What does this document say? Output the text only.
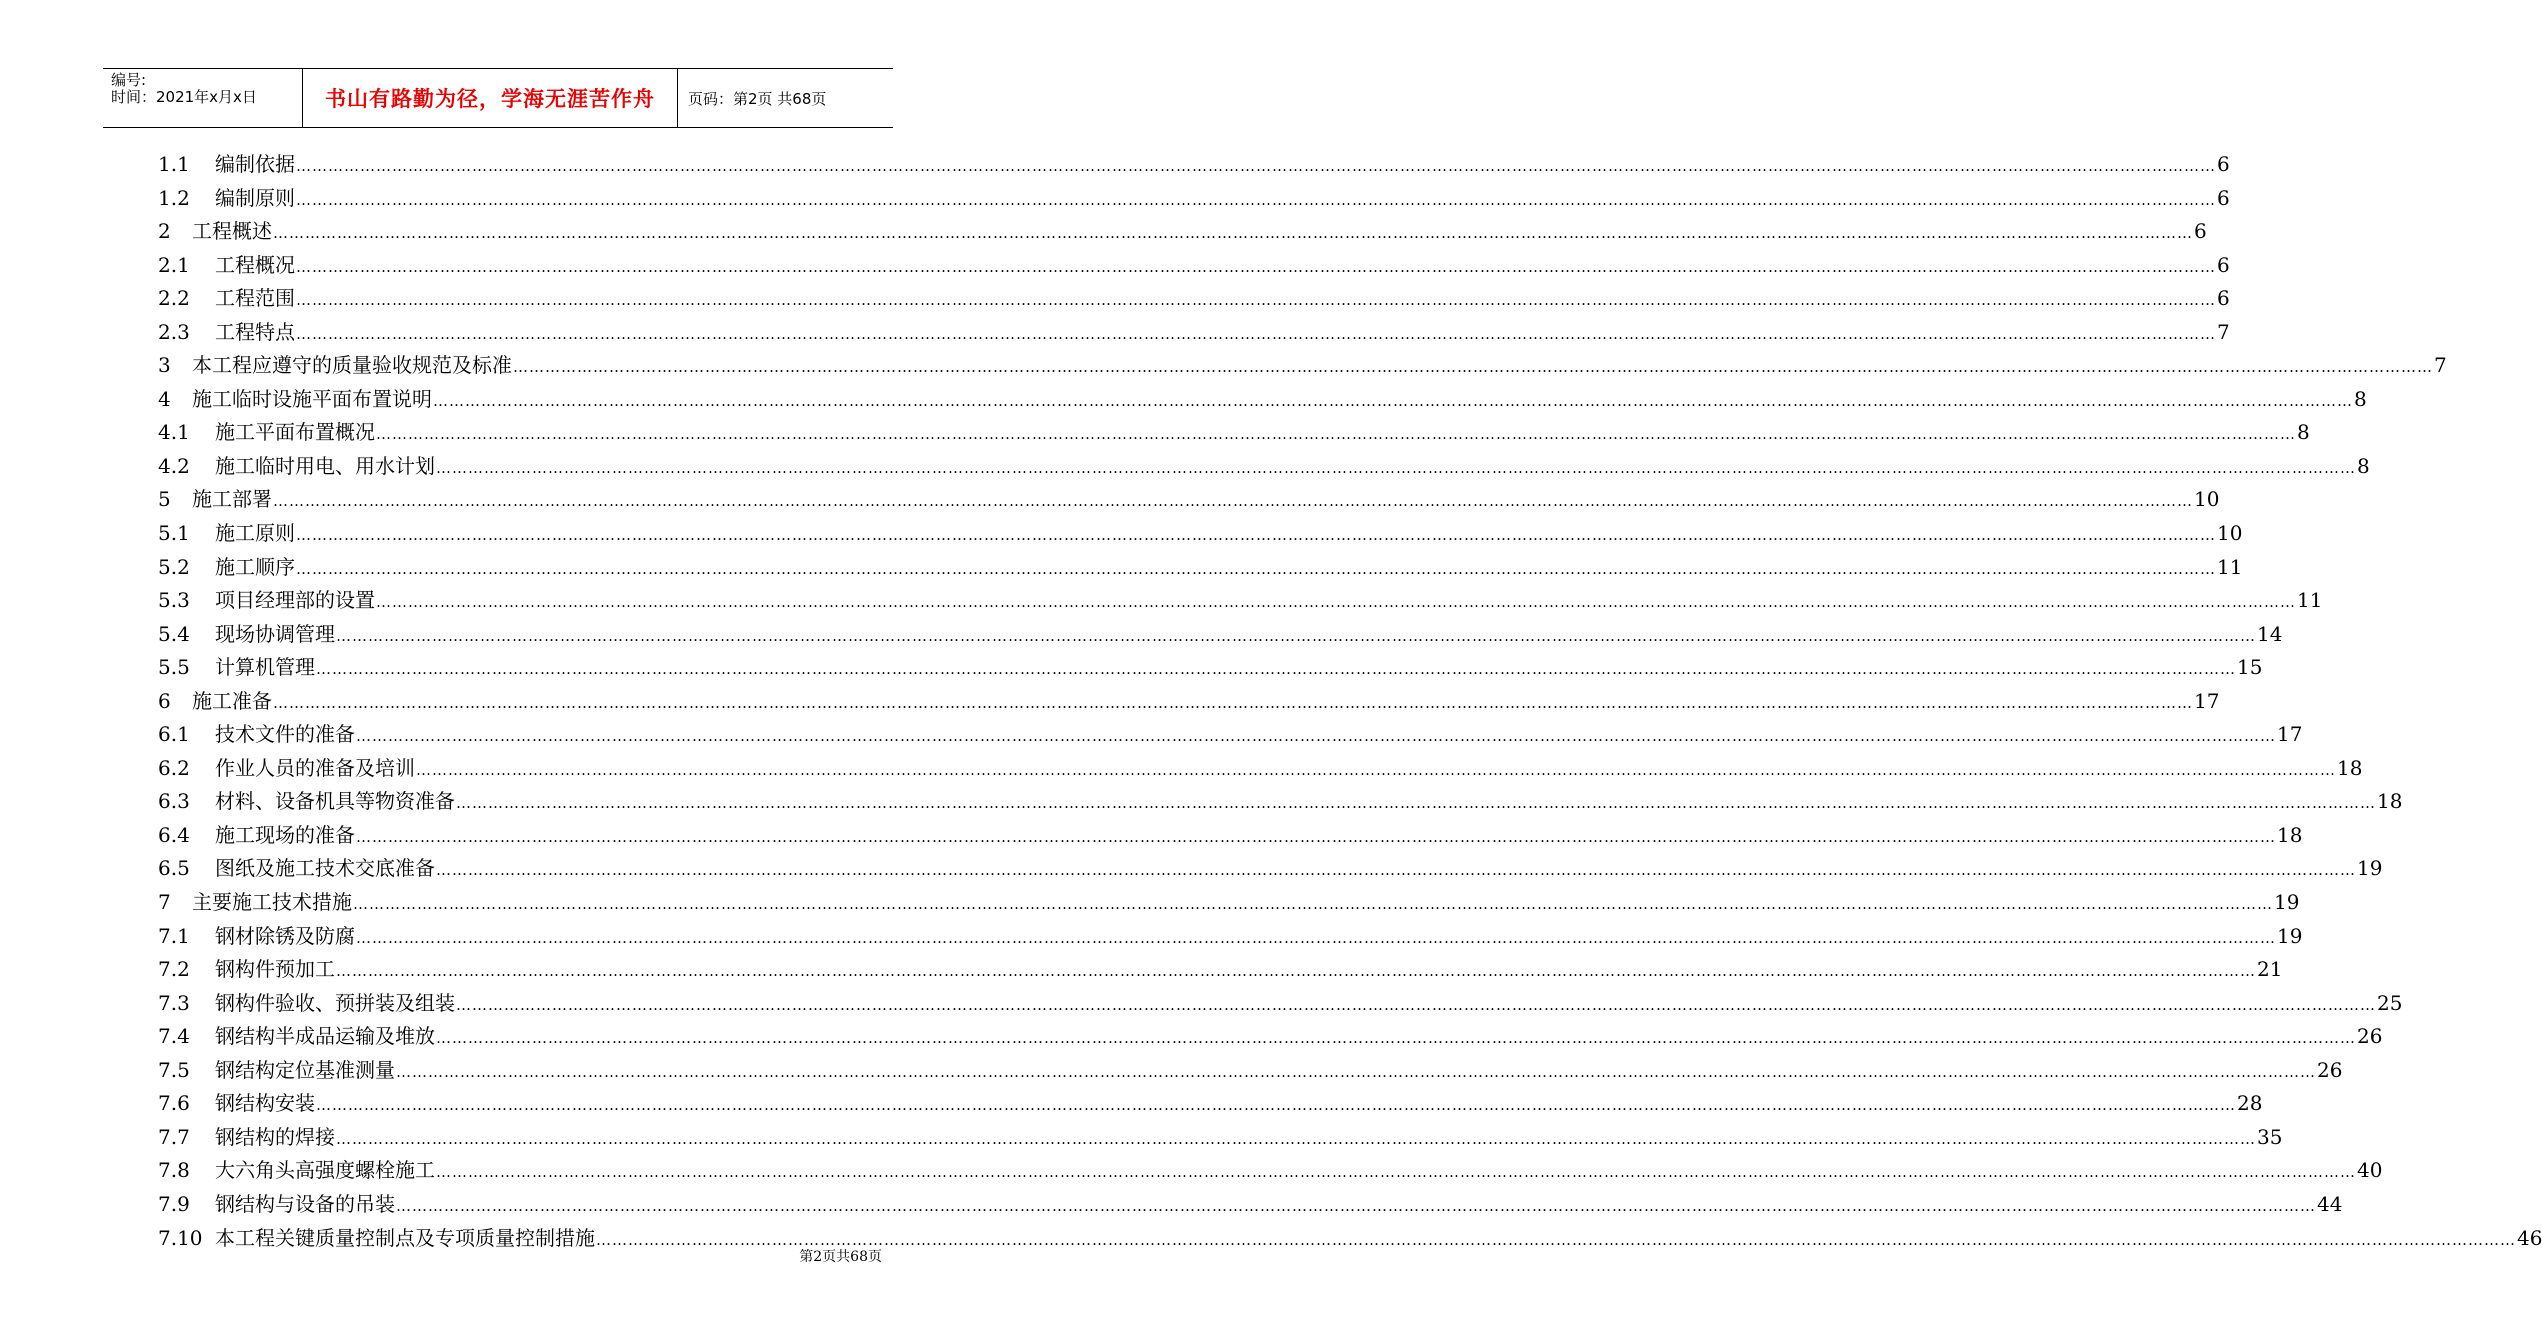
编号:
时间：2021年x月x日	书山有路勤为径，学海无涯苦作舟	页码：第2页 共68页
1.1	编制依据 ……………………………………………………………………………………………………………………………………………………………………………………………………………………………………………………………………………………………………………………………… 6
1.2	编制原则 ……………………………………………………………………………………………………………………………………………………………………………………………………………………………………………………………………………………………………………………………… 6
2	工程概述 ……………………………………………………………………………………………………………………………………………………………………………………………………………………………………………………………………………………………………………………………… 6
2.1	工程概况 ……………………………………………………………………………………………………………………………………………………………………………………………………………………………………………………………………………………………………………………………… 6
2.2	工程范围 ……………………………………………………………………………………………………………………………………………………………………………………………………………………………………………………………………………………………………………………………… 6
2.3	工程特点 ……………………………………………………………………………………………………………………………………………………………………………………………………………………………………………………………………………………………………………………………… 7
3	本工程应遵守的质量验收规范及标准 ……………………………………………………………………………………………………………………………………………………………………………………………………………………………………………………………………………………………………………………………… 7
4	施工临时设施平面布置说明 ……………………………………………………………………………………………………………………………………………………………………………………………………………………………………………………………………………………………………………………………… 8
4.1	施工平面布置概况 ……………………………………………………………………………………………………………………………………………………………………………………………………………………………………………………………………………………………………………………………… 8
4.2	施工临时用电、用水计划 ……………………………………………………………………………………………………………………………………………………………………………………………………………………………………………………………………………………………………………………………… 8
5	施工部署 ……………………………………………………………………………………………………………………………………………………………………………………………………………………………………………………………………………………………………………………………… 10
5.1	施工原则 ……………………………………………………………………………………………………………………………………………………………………………………………………………………………………………………………………………………………………………………………… 10
5.2	施工顺序 ……………………………………………………………………………………………………………………………………………………………………………………………………………………………………………………………………………………………………………………………… 11
5.3	项目经理部的设置 ……………………………………………………………………………………………………………………………………………………………………………………………………………………………………………………………………………………………………………………………… 11
5.4	现场协调管理 ……………………………………………………………………………………………………………………………………………………………………………………………………………………………………………………………………………………………………………………………… 14
5.5	计算机管理 ……………………………………………………………………………………………………………………………………………………………………………………………………………………………………………………………………………………………………………………………… 15
6	施工准备 ……………………………………………………………………………………………………………………………………………………………………………………………………………………………………………………………………………………………………………………………… 17
6.1	技术文件的准备 ……………………………………………………………………………………………………………………………………………………………………………………………………………………………………………………………………………………………………………………………… 17
6.2	作业人员的准备及培训 ……………………………………………………………………………………………………………………………………………………………………………………………………………………………………………………………………………………………………………………………… 18
6.3	材料、设备机具等物资准备 ……………………………………………………………………………………………………………………………………………………………………………………………………………………………………………………………………………………………………………………………… 18
6.4	施工现场的准备 ……………………………………………………………………………………………………………………………………………………………………………………………………………………………………………………………………………………………………………………………… 18
6.5	图纸及施工技术交底准备 ……………………………………………………………………………………………………………………………………………………………………………………………………………………………………………………………………………………………………………………………… 19
7	主要施工技术措施 ……………………………………………………………………………………………………………………………………………………………………………………………………………………………………………………………………………………………………………………………… 19
7.1	钢材除锈及防腐 ……………………………………………………………………………………………………………………………………………………………………………………………………………………………………………………………………………………………………………………………… 19
7.2	钢构件预加工 ……………………………………………………………………………………………………………………………………………………………………………………………………………………………………………………………………………………………………………………………… 21
7.3	钢构件验收、预拼装及组装 ……………………………………………………………………………………………………………………………………………………………………………………………………………………………………………………………………………………………………………………………… 25
7.4	钢结构半成品运输及堆放 ……………………………………………………………………………………………………………………………………………………………………………………………………………………………………………………………………………………………………………………………… 26
7.5	钢结构定位基准测量 ……………………………………………………………………………………………………………………………………………………………………………………………………………………………………………………………………………………………………………………………… 26
7.6	钢结构安装 ……………………………………………………………………………………………………………………………………………………………………………………………………………………………………………………………………………………………………………………………… 28
7.7	钢结构的焊接 ……………………………………………………………………………………………………………………………………………………………………………………………………………………………………………………………………………………………………………………………… 35
7.8	大六角头高强度螺栓施工 ……………………………………………………………………………………………………………………………………………………………………………………………………………………………………………………………………………………………………………………………… 40
7.9	钢结构与设备的吊装 ……………………………………………………………………………………………………………………………………………………………………………………………………………………………………………………………………………………………………………………………… 44
7.10 本工程关键质量控制点及专项质量控制措施 ……………………………………………………………………………………………………………………………………………………………………………………………………………………………………………………………………………………………………………………………… 46
第2页共68页
